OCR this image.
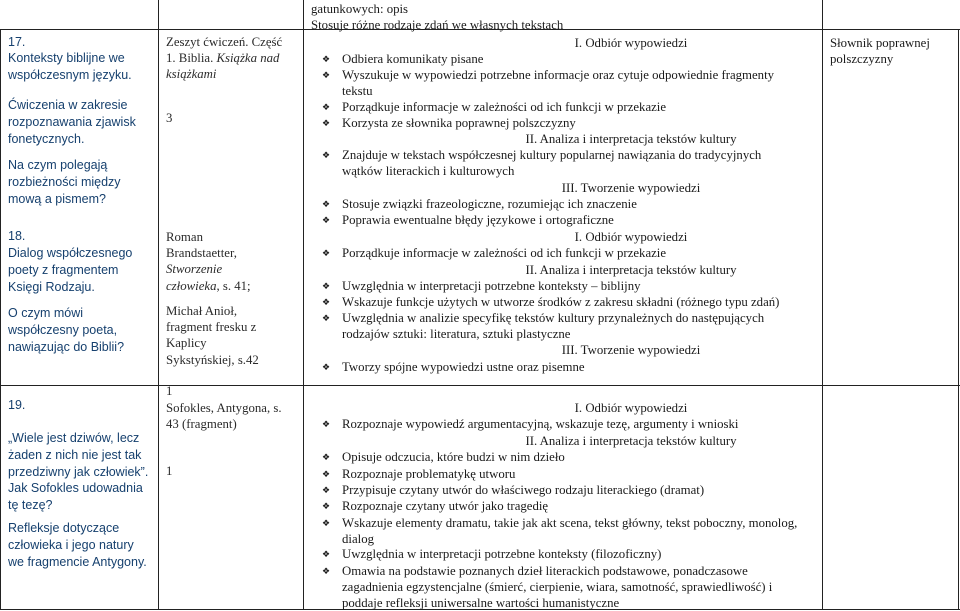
17.
Konteksty biblijne we współczesnym języku.
Ćwiczenia w zakresie rozpoznawania zjawisk fonetycznych.
Na czym polegają rozbieżności między mową a pismem?
18.
Dialog współczesnego poety z fragmentem Księgi Rodzaju.
O czym mówi współczesny poeta, nawiązując do Biblii?
19.
„Wiele jest dziwów, lecz żaden z nich nie jest tak przedziwny jak człowiek”.
Jak Sofokles udowadnia tę tezę?
Refleksje dotyczące człowieka i jego natury we fragmencie Antygony.
Zeszyt ćwiczeń. Część 1. Biblia. Książka nad książkami
3
Roman Brandstaetter, Stworzenie człowieka, s. 41;
Michał Anioł, fragment fresku z Kaplicy Sykstyńskiej, s.42
1
Sofokles, Antygona, s. 43 (fragment)
1
gatunkowych: opis
Stosuje różne rodzaje zdań we własnych tekstach
I. Odbiór wypowiedzi
❖ Odbiera komunikaty pisane
❖ Wyszukuje w wypowiedzi potrzebne informacje oraz cytuje odpowiednie fragmenty tekstu
❖ Porządkuje informacje w zależności od ich funkcji w przekazie
❖ Korzysta ze słownika poprawnej polszczyzny
II. Analiza i interpretacja tekstów kultury
❖ Znajduje w tekstach współczesnej kultury popularnej nawiązania do tradycyjnych wątków literackich i kulturowych
III. Tworzenie wypowiedzi
❖ Stosuje związki frazeologiczne, rozumiejąc ich znaczenie
❖ Poprawia ewentualne błędy językowe i ortograficzne
I. Odbiór wypowiedzi
❖ Porządkuje informacje w zależności od ich funkcji w przekazie
II. Analiza i interpretacja tekstów kultury
❖ Uwzględnia w interpretacji potrzebne konteksty – biblijny
❖ Wskazuje funkcje użytych w utworze środków z zakresu składni (różnego typu zdań)
❖ Uwzględnia w analizie specyfikę tekstów kultury przynależnych do następujących rodzajów sztuki: literatura, sztuki plastyczne
III. Tworzenie wypowiedzi
❖ Tworzy spójne wypowiedzi ustne oraz pisemne
I. Odbiór wypowiedzi
❖ Rozpoznaje wypowiedź argumentacyjną, wskazuje tezę, argumenty i wnioski
II. Analiza i interpretacja tekstów kultury
❖ Opisuje odczucia, które budzi w nim dzieło
❖ Rozpoznaje problematykę utworu
❖ Przypisuje czytany utwór do właściwego rodzaju literackiego (dramat)
❖ Rozpoznaje czytany utwór jako tragedię
❖ Wskazuje elementy dramatu, takie jak akt scena, tekst główny, tekst poboczny, monolog, dialog
❖ Uwzględnia w interpretacji potrzebne konteksty (filozoficzny)
❖ Omawia na podstawie poznanych dzieł literackich podstawowe, ponadczasowe zagadnienia egzystencjalne (śmierć, cierpienie, wiara, samotność, sprawiedliwość) i poddaje refleksji uniwersalne wartości humanistyczne
Słownik poprawnej polszczyzny
